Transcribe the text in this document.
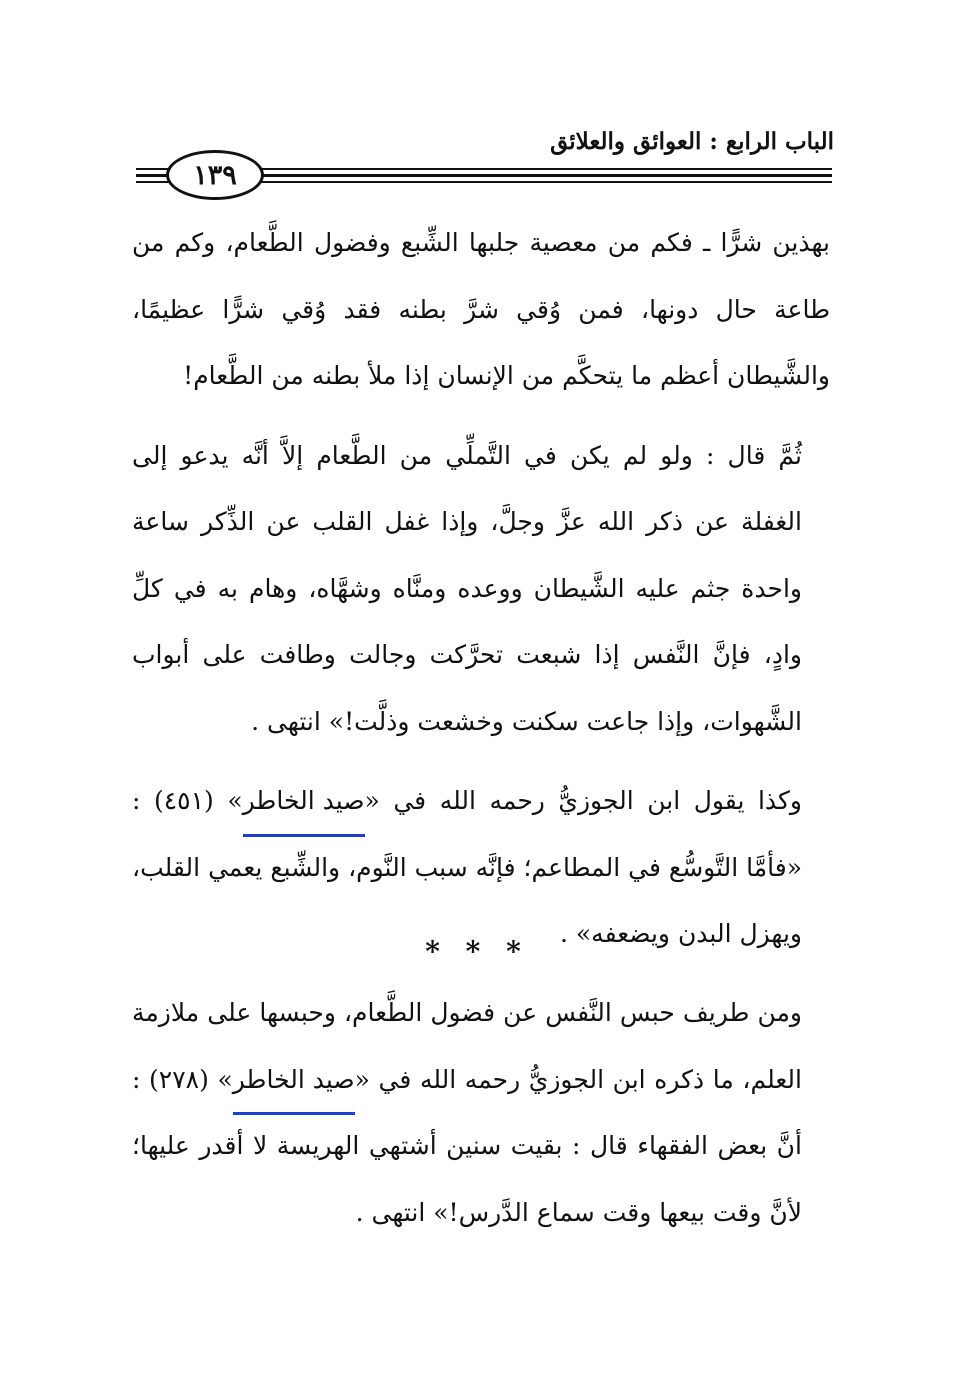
الباب الرابع : العوائق والعلائق
١٣٩

بهذين شرًّا ـ فكم من معصية جلبها الشِّبع وفضول الطَّعام، وكم من طاعة حال دونها، فمن وُقي شرَّ بطنه فقد وُقي شرًّا عظيمًا، والشَّيطان أعظم ما يتحكَّم من الإنسان إذا ملأ بطنه من الطَّعام!

ثُمَّ قال : ولو لم يكن في التَّملِّي من الطَّعام إلاَّ أنَّه يدعو إلى الغفلة عن ذكر الله عزَّ وجلَّ، وإذا غفل القلب عن الذِّكر ساعة واحدة جثم عليه الشَّيطان ووعده ومنَّاه وشهَّاه، وهام به في كلِّ وادٍ، فإنَّ النَّفس إذا شبعت تحرَّكت وجالت وطافت على أبواب الشَّهوات، وإذا جاعت سكنت وخشعت وذلَّت!» انتهى .

وكذا يقول ابن الجوزيُّ رحمه الله في «صيد الخاطر» (٤٥١) : «فأمَّا التَّوسُّع في المطاعم؛ فإنَّه سبب النَّوم، والشِّبع يعمي القلب، ويهزل البدن ويضعفه» .

* * *

ومن طريف حبس النَّفس عن فضول الطَّعام، وحبسها على ملازمة العلم، ما ذكره ابن الجوزيُّ رحمه الله في «صيد الخاطر» (٢٧٨) : أنَّ بعض الفقهاء قال : بقيت سنين أشتهي الهريسة لا أقدر عليها؛ لأنَّ وقت بيعها وقت سماع الدَّرس!» انتهى .
